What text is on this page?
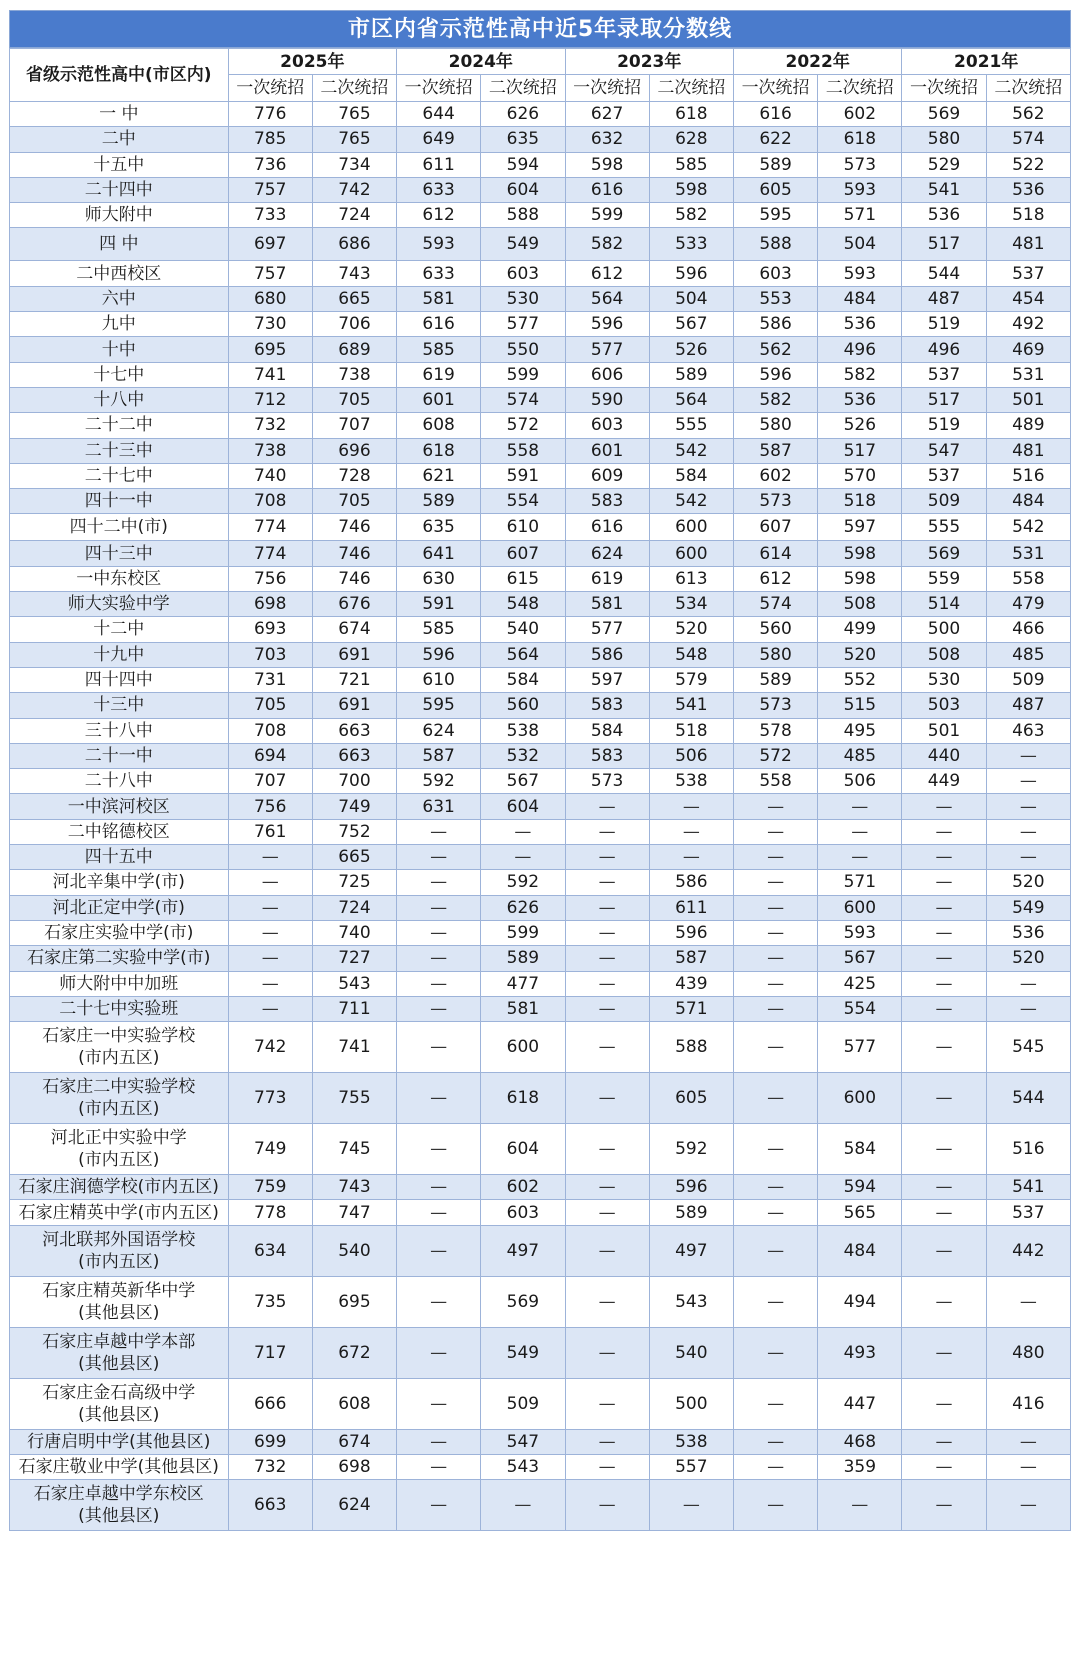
市区内省示范性高中近5年录取分数线
省级示范性高中(市区内)	2025年		2024年		2023年		2022年		2021年	
	一次统招	二次统招	一次统招	二次统招	一次统招	二次统招	一次统招	二次统招	一次统招	二次统招

一 中	776	765	644	626	627	618	616	602	569	562

二中	785	765	649	635	632	628	622	618	580	574

十五中	736	734	611	594	598	585	589	573	529	522

二十四中	757	742	633	604	616	598	605	593	541	536

师大附中	733	724	612	588	599	582	595	571	536	518

四 中	697	686	593	549	582	533	588	504	517	481

二中西校区	757	743	633	603	612	596	603	593	544	537

六中	680	665	581	530	564	504	553	484	487	454

九中	730	706	616	577	596	567	586	536	519	492

十中	695	689	585	550	577	526	562	496	496	469

十七中	741	738	619	599	606	589	596	582	537	531

十八中	712	705	601	574	590	564	582	536	517	501

二十二中	732	707	608	572	603	555	580	526	519	489

二十三中	738	696	618	558	601	542	587	517	547	481

二十七中	740	728	621	591	609	584	602	570	537	516

四十一中	708	705	589	554	583	542	573	518	509	484

四十二中(市)	774	746	635	610	616	600	607	597	555	542

四十三中	774	746	641	607	624	600	614	598	569	531

一中东校区	756	746	630	615	619	613	612	598	559	558

师大实验中学	698	676	591	548	581	534	574	508	514	479

十二中	693	674	585	540	577	520	560	499	500	466

十九中	703	691	596	564	586	548	580	520	508	485

四十四中	731	721	610	584	597	579	589	552	530	509

十三中	705	691	595	560	583	541	573	515	503	487

三十八中	708	663	624	538	584	518	578	495	501	463

二十一中	694	663	587	532	583	506	572	485	440	—

二十八中	707	700	592	567	573	538	558	506	449	—

一中滨河校区	756	749	631	604	—	—	—	—	—	—

二中铭德校区	761	752	—	—	—	—	—	—	—	—

四十五中	—	665	—	—	—	—	—	—	—	—

河北辛集中学(市)	—	725	—	592	—	586	—	571	—	520

河北正定中学(市)	—	724	—	626	—	611	—	600	—	549

石家庄实验中学(市)	—	740	—	599	—	596	—	593	—	536

石家庄第二实验中学(市)	—	727	—	589	—	587	—	567	—	520

师大附中中加班	—	543	—	477	—	439	—	425	—	—

二十七中实验班	—	711	—	581	—	571	—	554	—	—

石家庄一中实验学校
(市内五区)	742	741	—	600	—	588	—	577	—	545

石家庄二中实验学校
(市内五区)	773	755	—	618	—	605	—	600	—	544

河北正中实验中学
(市内五区)	749	745	—	604	—	592	—	584	—	516

石家庄润德学校(市内五区)	759	743	—	602	—	596	—	594	—	541

石家庄精英中学(市内五区)	778	747	—	603	—	589	—	565	—	537

河北联邦外国语学校
(市内五区)	634	540	—	497	—	497	—	484	—	442

石家庄精英新华中学
(其他县区)	735	695	—	569	—	543	—	494	—	—

石家庄卓越中学本部
(其他县区)	717	672	—	549	—	540	—	493	—	480

石家庄金石高级中学
(其他县区)	666	608	—	509	—	500	—	447	—	416

行唐启明中学(其他县区)	699	674	—	547	—	538	—	468	—	—

石家庄敬业中学(其他县区)	732	698	—	543	—	557	—	359	—	—

石家庄卓越中学东校区
(其他县区)	663	624	—	—	—	—	—	—	—	—
